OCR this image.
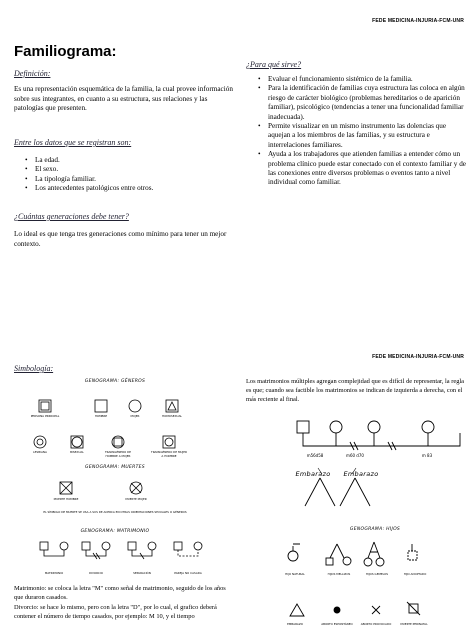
FEDE MEDICINA-INJURIA-FCM-UNR
Familiograma:
Definición:
Es una representación esquemática de la familia, la cual provee información sobre sus integrantes, en cuanto a su estructura, sus relaciones y las patologías que presenten.
Entre los datos que se registran son:
• La edad.
• El sexo.
• La tipología familiar.
• Los antecedentes patológicos entre otros.
¿Cuántas generaciones debe tener?
Lo ideal es que tenga tres generaciones como mínimo para tener un mejor contexto.
¿Para qué sirve?
• Evaluar el funcionamiento sistémico de la familia.
• Para la identificación de familias cuya estructura las coloca en algún riesgo de carácter biológico (problemas hereditarios o de aparición familiar), psicológico (tendencias a tener una funcionalidad familiar inadecuada).
• Permite visualizar en un mismo instrumento las dolencias que aquejan a los miembros de las familias, y su estructura e interrelaciones familiares.
• Ayuda a los trabajadores que atienden familias a entender cómo un problema clínico puede estar conectado con el contexto familiar y de las conexiones entre diversos problemas o eventos tanto a nivel individual como familiar.
FEDE MEDICINA-INJURIA-FCM-UNR
Simbología:
GENOGRAMA: GÉNEROS
PERSONA PRINCIPAL	HOMBRE	MUJER	HOMOSEXUAL
LESBIANA	BISEXUAL	TRANSGÉNERO DE HOMBRE A MUJER
TRANSGÉNERO DE MUJER A HOMBRE
GENOGRAMA: MUERTES
MUERTE HOMBRE	MUERTE MUJER
EL SÍMBOLO DE MUERTE SE USA A SUS DE ACERCA EN OTRAS ORIENTACIONES SEXUALES O GÉNEROS
GENOGRAMA: MATRIMONIO
MATRIMONIO	DIVORCIO	SEPARACIÓN	PAREJA NO CASADA
Matrimonio: se coloca la letra "M" como señal de matrimonio, seguido de los años que duraron casados.
Divorcio: se hace lo mismo, pero con la letra "D", por lo cual, el grafico deberá contener el número de tiempo casados, por ejemplo: M 10, y el tiempo
Los matrimonios múltiples agregan complejidad que es difícil de representar, la regla es que; cuando sea factible los matrimonios se indican de izquierda a derecha, con el más reciente al final.
m60 d70
m56d58	m 83
Embarazo	Embarazo
GENOGRAMA: HIJOS
HIJO NATURAL	HIJOS MELLIZOS	HIJOS GEMELOS	HIJO ADOPTADO
EMBARAZO	ABORTO ESPONTÁNEO	ABORTO PROVOCADO	MUERTE PERINATAL
